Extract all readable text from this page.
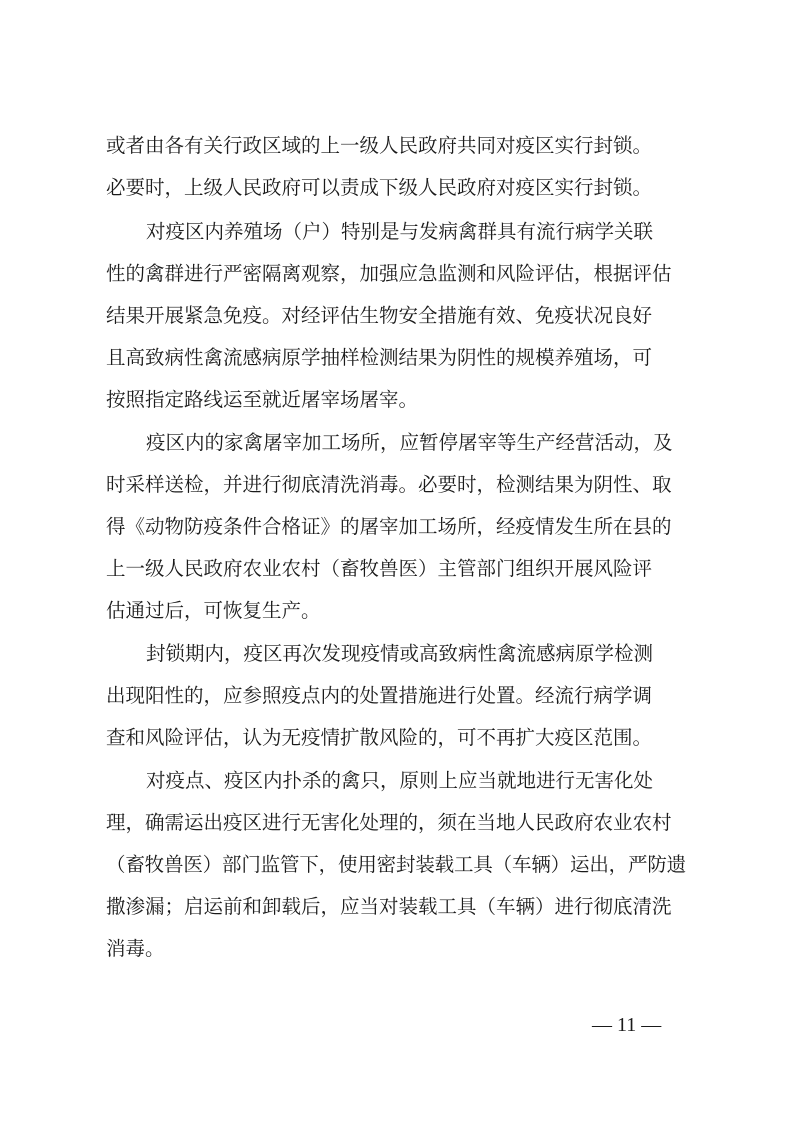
或者由各有关行政区域的上一级人民政府共同对疫区实行封锁。
必要时，上级人民政府可以责成下级人民政府对疫区实行封锁。
对疫区内养殖场（户）特别是与发病禽群具有流行病学关联
性的禽群进行严密隔离观察，加强应急监测和风险评估，根据评估
结果开展紧急免疫。对经评估生物安全措施有效、免疫状况良好
且高致病性禽流感病原学抽样检测结果为阴性的规模养殖场，可
按照指定路线运至就近屠宰场屠宰。
疫区内的家禽屠宰加工场所，应暂停屠宰等生产经营活动，及
时采样送检，并进行彻底清洗消毒。必要时，检测结果为阴性、取
得《动物防疫条件合格证》的屠宰加工场所，经疫情发生所在县的
上一级人民政府农业农村（畜牧兽医）主管部门组织开展风险评
估通过后，可恢复生产。
封锁期内，疫区再次发现疫情或高致病性禽流感病原学检测
出现阳性的，应参照疫点内的处置措施进行处置。经流行病学调
查和风险评估，认为无疫情扩散风险的，可不再扩大疫区范围。
对疫点、疫区内扑杀的禽只，原则上应当就地进行无害化处
理，确需运出疫区进行无害化处理的，须在当地人民政府农业农村
（畜牧兽医）部门监管下，使用密封装载工具（车辆）运出，严防遗
撒渗漏；启运前和卸载后，应当对装载工具（车辆）进行彻底清洗
消毒。
— 11 —
